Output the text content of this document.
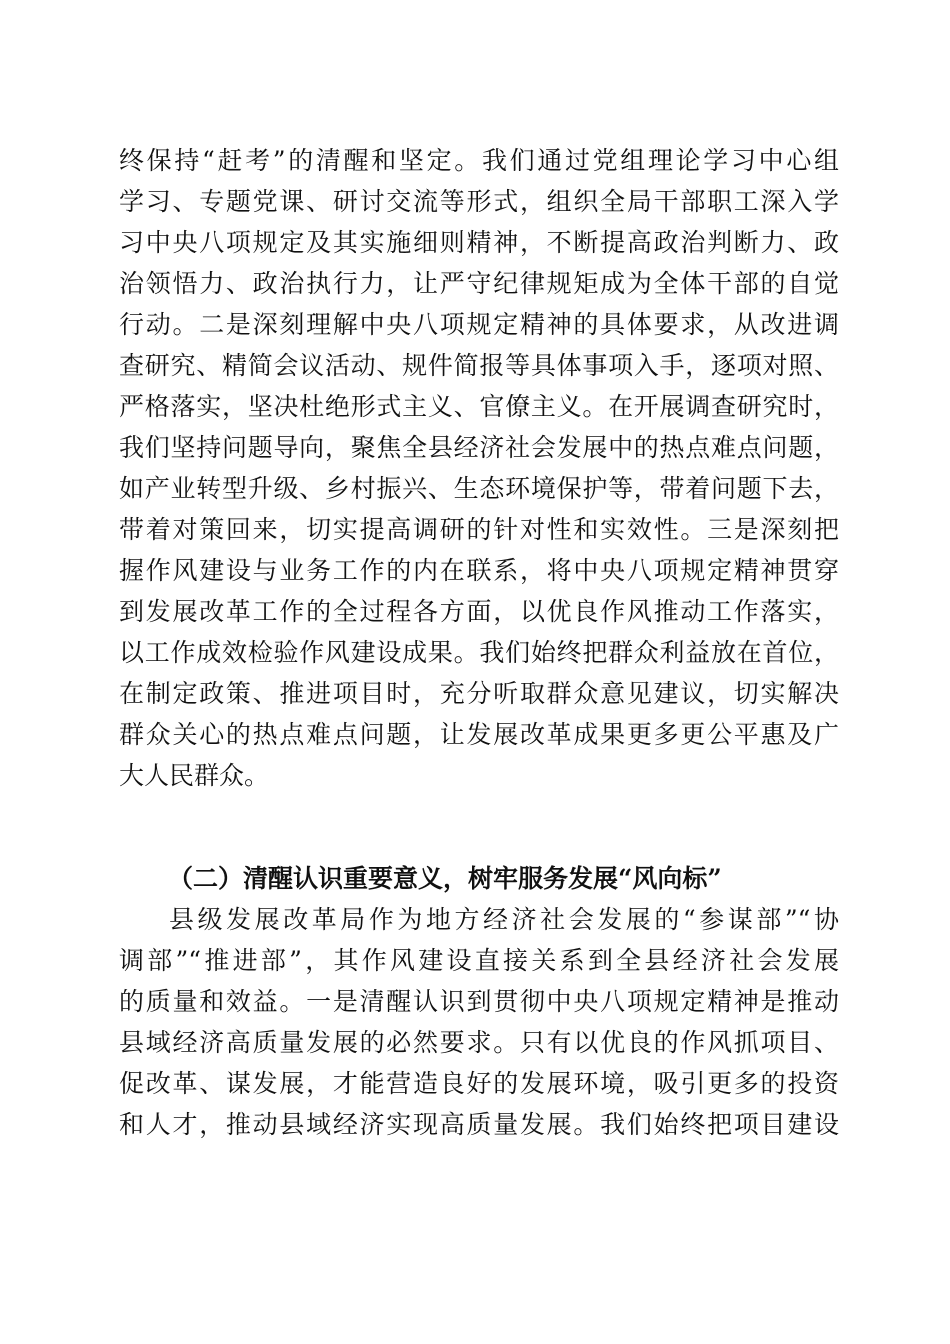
终保持“赶考”的清醒和坚定。我们通过党组理论学习中心组
学习、专题党课、研讨交流等形式，组织全局干部职工深入学
习中央八项规定及其实施细则精神，不断提高政治判断力、政
治领悟力、政治执行力，让严守纪律规矩成为全体干部的自觉
行动。二是深刻理解中央八项规定精神的具体要求，从改进调
查研究、精简会议活动、规件简报等具体事项入手，逐项对照、
严格落实，坚决杜绝形式主义、官僚主义。在开展调查研究时，
我们坚持问题导向，聚焦全县经济社会发展中的热点难点问题，
如产业转型升级、乡村振兴、生态环境保护等，带着问题下去，
带着对策回来，切实提高调研的针对性和实效性。三是深刻把
握作风建设与业务工作的内在联系，将中央八项规定精神贯穿
到发展改革工作的全过程各方面，以优良作风推动工作落实，
以工作成效检验作风建设成果。我们始终把群众利益放在首位，
在制定政策、推进项目时，充分听取群众意见建议，切实解决
群众关心的热点难点问题，让发展改革成果更多更公平惠及广
大人民群众。
（二）清醒认识重要意义，树牢服务发展“风向标”
县级发展改革局作为地方经济社会发展的“参谋部”“协
调部”“推进部”，其作风建设直接关系到全县经济社会发展
的质量和效益。一是清醒认识到贯彻中央八项规定精神是推动
县域经济高质量发展的必然要求。只有以优良的作风抓项目、
促改革、谋发展，才能营造良好的发展环境，吸引更多的投资
和人才，推动县域经济实现高质量发展。我们始终把项目建设
